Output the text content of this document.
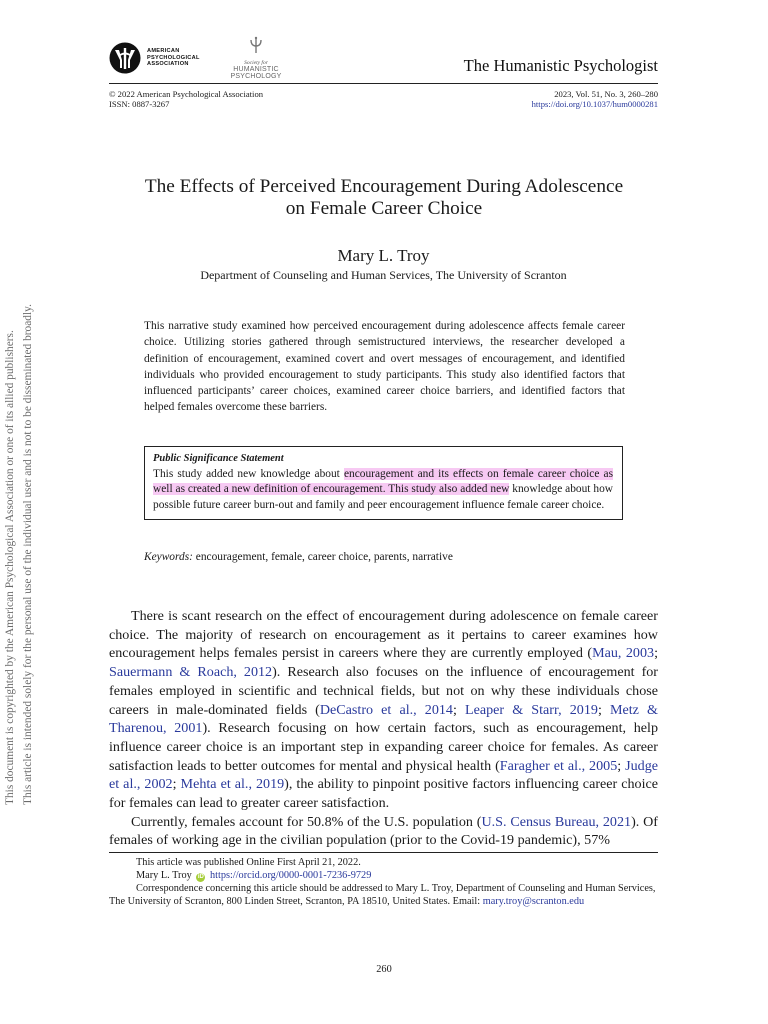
This document is copyrighted by the American Psychological Association or one of its allied publishers. This article is intended solely for the personal use of the individual user and is not to be disseminated broadly.
AMERICAN
PSYCHOLOGICAL
ASSOCIATION	Society for
HUMANISTIC
PSYCHOLOGY
The Humanistic Psychologist
© 2022 American Psychological Association
ISSN: 0887-3267
2023, Vol. 51, No. 3, 260–280
https://doi.org/10.1037/hum0000281
The Effects of Perceived Encouragement During Adolescence
on Female Career Choice
Mary L. Troy
Department of Counseling and Human Services, The University of Scranton
This narrative study examined how perceived encouragement during adolescence affects female career choice. Utilizing stories gathered through semistructured interviews, the researcher developed a definition of encouragement, examined covert and overt messages of encouragement, and identified individuals who provided encouragement to study participants. This study also identified factors that influenced participants’ career choices, examined career choice barriers, and identified factors that helped females overcome these barriers.
Public Significance Statement
This study added new knowledge about encouragement and its effects on female career choice as well as created a new definition of encouragement. This study also added new knowledge about how possible future career burn-out and family and peer encouragement influence female career choice.
Keywords: encouragement, female, career choice, parents, narrative

There is scant research on the effect of encouragement during adolescence on female career choice. The majority of research on encouragement as it pertains to career examines how encouragement helps females persist in careers where they are currently employed (Mau, 2003; Sauermann & Roach, 2012). Research also focuses on the influence of encouragement for females employed in scientific and technical fields, but not on why these individuals chose careers in male-dominated fields (DeCastro et al., 2014; Leaper & Starr, 2019; Metz & Tharenou, 2001). Research focusing on how certain factors, such as encouragement, help influence career choice is an important step in expanding career choice for females. As career satisfaction leads to better outcomes for mental and physical health (Faragher et al., 2005; Judge et al., 2002; Mehta et al., 2019), the ability to pinpoint positive factors influencing career choice for females can lead to greater career satisfaction.

Currently, females account for 50.8% of the U.S. population (U.S. Census Bureau, 2021). Of females of working age in the civilian population (prior to the Covid-19 pandemic), 57%

This article was published Online First April 21, 2022.
Mary L. Troy iD https://orcid.org/0000-0001-7236-9729
Correspondence concerning this article should be addressed to Mary L. Troy, Department of Counseling and Human Services, The University of Scranton, 800 Linden Street, Scranton, PA 18510, United States. Email: mary.troy@scranton.edu
260
